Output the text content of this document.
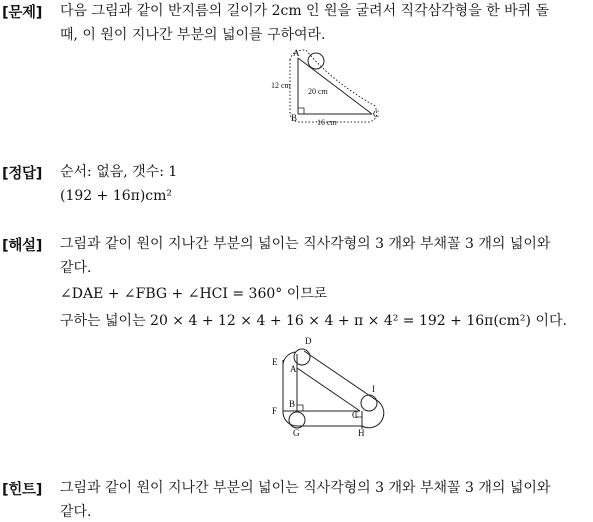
[문제] 다음 그림과 같이 반지름의 길이가 2cm 인 원을 굴려서 직각삼각형을 한 바퀴 돌
때, 이 원이 지나간 부분의 넓이를 구하여라.
A
B	C
12 cm
20 cm
16 cm
[정답] 순서: 없음, 갯수: 1
(192 + 16π)cm²
[해설] 그림과 같이 원이 지나간 부분의 넓이는 직사각형의 3 개와 부채꼴 3 개의 넓이와
같다.
∠DAE + ∠FBG + ∠HCI = 360° 이므로
구하는 넓이는 20 × 4 + 12 × 4 + 16 × 4 + π × 4² = 192 + 16π(cm²) 이다.
D
E
A
I
F
B
C
G	H
[힌트] 그림과 같이 원이 지나간 부분의 넓이는 직사각형의 3 개와 부채꼴 3 개의 넓이와
같다.
